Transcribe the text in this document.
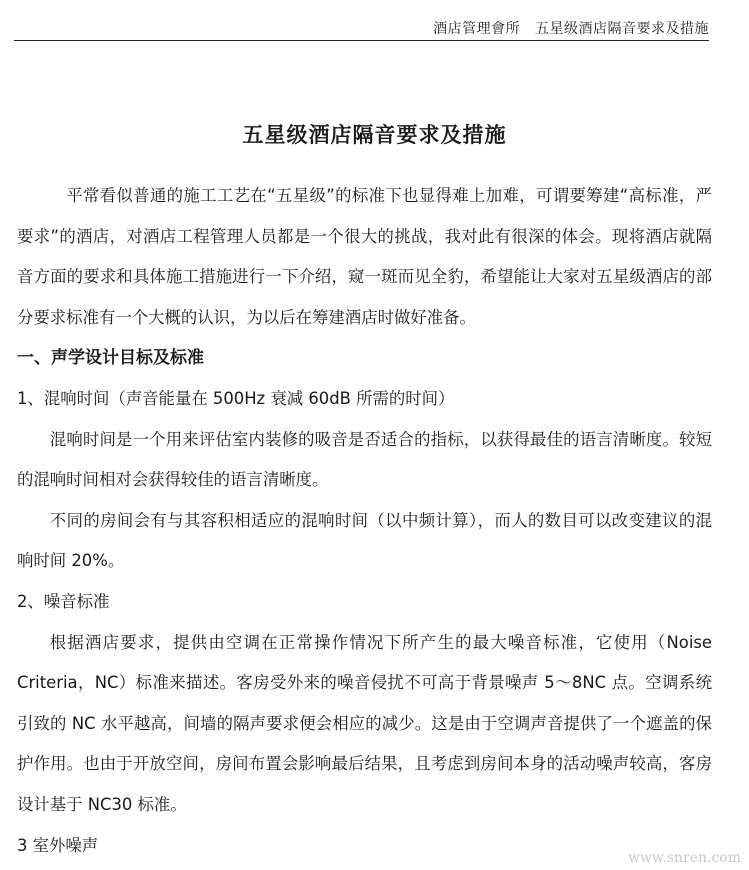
酒店管理會所 五星级酒店隔音要求及措施
五星级酒店隔音要求及措施

平常看似普通的施工工艺在“五星级”的标准下也显得难上加难，可谓要筹建“高标准，严要求”的酒店，对酒店工程管理人员都是一个很大的挑战，我对此有很深的体会。现将酒店就隔音方面的要求和具体施工措施进行一下介绍，窥一斑而见全豹，希望能让大家对五星级酒店的部分要求标准有一个大概的认识，为以后在筹建酒店时做好准备。

一、声学设计目标及标准

1、混响时间（声音能量在 500Hz 衰减 60dB 所需的时间）

混响时间是一个用来评估室内装修的吸音是否适合的指标，以获得最佳的语言清晰度。较短的混响时间相对会获得较佳的语言清晰度。

不同的房间会有与其容积相适应的混响时间（以中频计算），而人的数目可以改变建议的混响时间 20%。

2、噪音标准

根据酒店要求，提供由空调在正常操作情况下所产生的最大噪音标准，它使用（Noise Criteria，NC）标准来描述。客房受外来的噪音侵扰不可高于背景噪声 5～8NC 点。空调系统引致的 NC 水平越高，间墙的隔声要求便会相应的减少。这是由于空调声音提供了一个遮盖的保护作用。也由于开放空间，房间布置会影响最后结果，且考虑到房间本身的活动噪声较高，客房设计基于 NC30 标准。

3 室外噪声

www.snren.com
